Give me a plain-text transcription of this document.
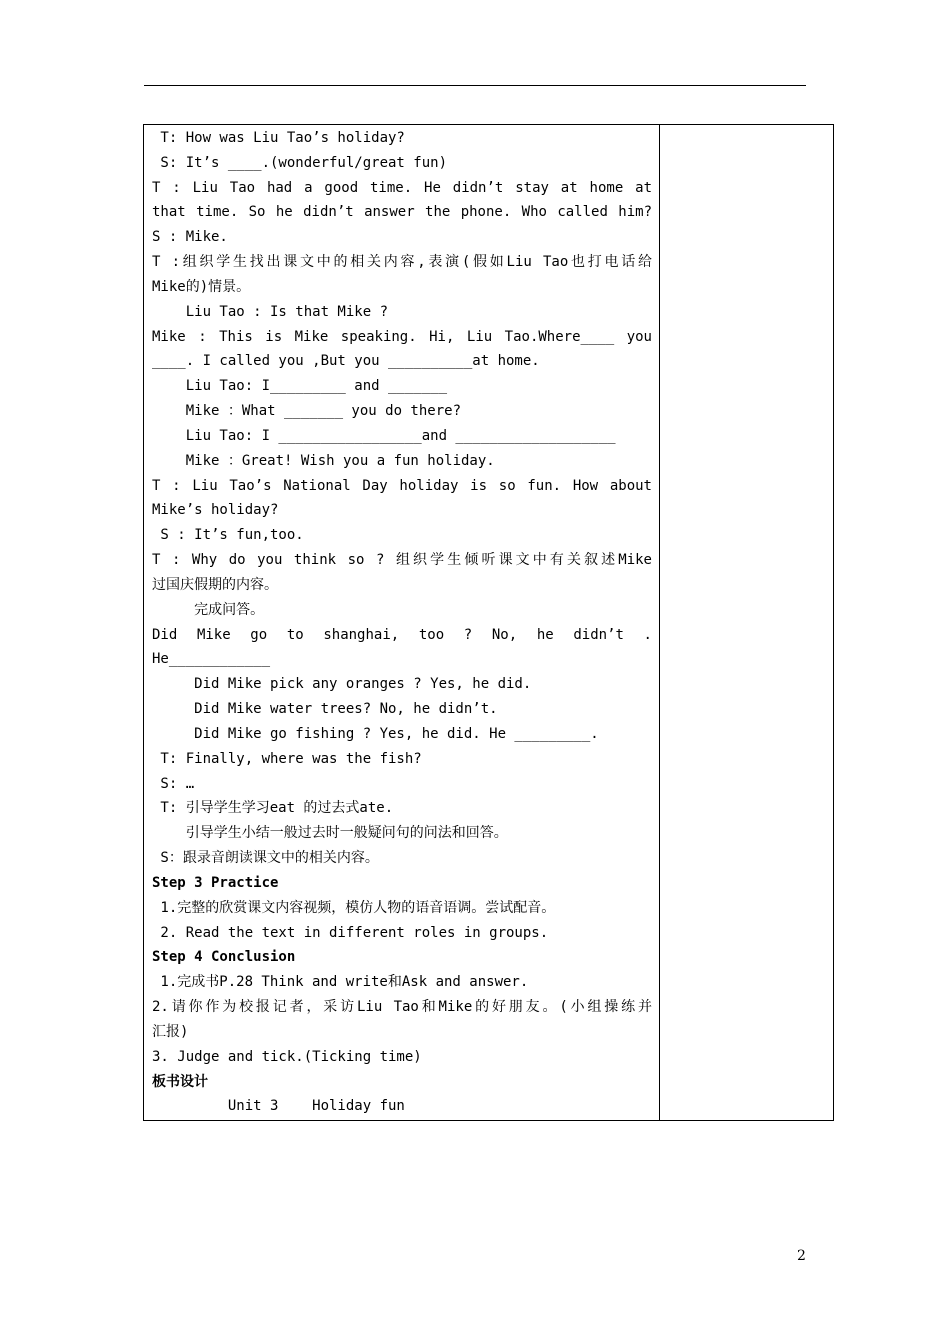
T: How was Liu Tao’s holiday?
S: It’s ____.(wonderful/great fun)
T : Liu Tao had a good time. He didn’t stay at home at
that time. So he didn’t answer the phone. Who called him?
S : Mike.
T :组织学生找出课文中的相关内容,表演(假如Liu Tao也打电话给
Mike的)情景。
Liu Tao : Is that Mike ?
Mike : This is Mike speaking. Hi, Liu Tao.Where____ you
____. I called you ,But you __________at home.
Liu Tao: I_________ and _______
Mike ：What _______ you do there?
Liu Tao: I _________________and ___________________
Mike ：Great! Wish you a fun holiday.
T : Liu Tao’s National Day holiday is so fun. How about
Mike’s holiday?
S : It’s fun,too.
T : Why do you think so ? 组织学生倾听课文中有关叙述Mike
过国庆假期的内容。
完成问答。
Did Mike go to shanghai, too ? No, he didn’t .
He____________
Did Mike pick any oranges ? Yes, he did.
Did Mike water trees? No, he didn’t.
Did Mike go fishing ? Yes, he did. He _________.
T: Finally, where was the fish?
S: …
T: 引导学生学习eat 的过去式ate.
引导学生小结一般过去时一般疑问句的问法和回答。
S：跟录音朗读课文中的相关内容。
Step 3 Practice
1.完整的欣赏课文内容视频，模仿人物的语音语调。尝试配音。
2. Read the text in different roles in groups.
Step 4 Conclusion
1.完成书P.28 Think and write和Ask and answer.
2.请你作为校报记者，采访Liu Tao和Mike的好朋友。(小组操练并
汇报)
3. Judge and tick.(Ticking time)
板书设计
Unit 3    Holiday fun
2
